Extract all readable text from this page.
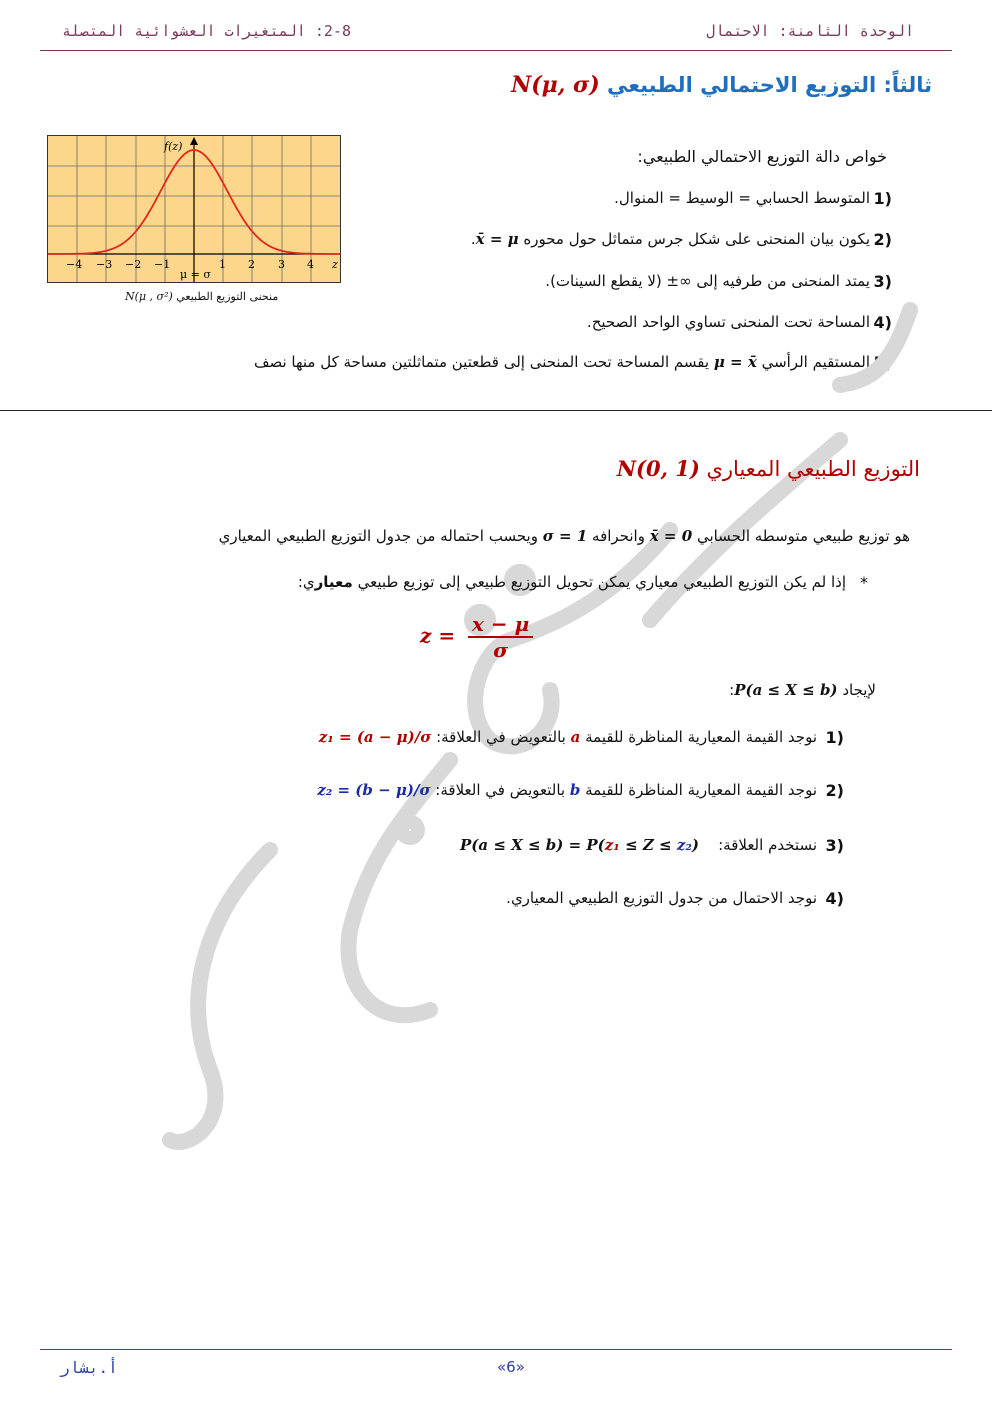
الوحدة الثامنة: الاحتمال
2-8: المتغيرات العشوائية المتصلة
ثالثاً: التوزيع الاحتمالي الطبيعي N(μ, σ)
f(z)
z
−4 −3 −2 −1	1 2 3 4
μ = σ
N(μ , σ²) منحنى التوزيع الطبيعي
خواص دالة التوزيع الاحتمالي الطبيعي:
1)
المتوسط الحسابي = الوسيط = المنوال.
2)
يكون بيان المنحنى على شكل جرس متماثل حول محوره x̄ = μ.
3)
يمتد المنحنى من طرفيه إلى ∞± (لا يقطع السينات).
4)
المساحة تحت المنحنى تساوي الواحد الصحيح.
5)
المستقيم الرأسي μ = x̄ يقسم المساحة تحت المنحنى إلى قطعتين متماثلتين مساحة كل منها نصف
التوزيع الطبيعي المعياري N(0, 1)
هو توزيع طبيعي متوسطه الحسابي 0 = x̄ وانحرافه 1 = σ ويحسب احتماله من جدول التوزيع الطبيعي المعياري
*
إذا لم يكن التوزيع الطبيعي معياري يمكن تحويل التوزيع طبيعي إلى توزيع طبيعي معياري:
$z = \frac{x - \mu}{\sigma}$
لإيجاد P(a ≤ X ≤ b):
1)
نوجد القيمة المعيارية المناظرة للقيمة a بالتعويض في العلاقة: z₁ = (a − μ)/σ
2)
نوجد القيمة المعيارية المناظرة للقيمة b بالتعويض في العلاقة: z₂ = (b − μ)/σ
3)
نستخدم العلاقة:    P(a ≤ X ≤ b) = P(z₁ ≤ Z ≤ z₂)
4)
نوجد الاحتمال من جدول التوزيع الطبيعي المعياري.
أ.بشار	«6»
